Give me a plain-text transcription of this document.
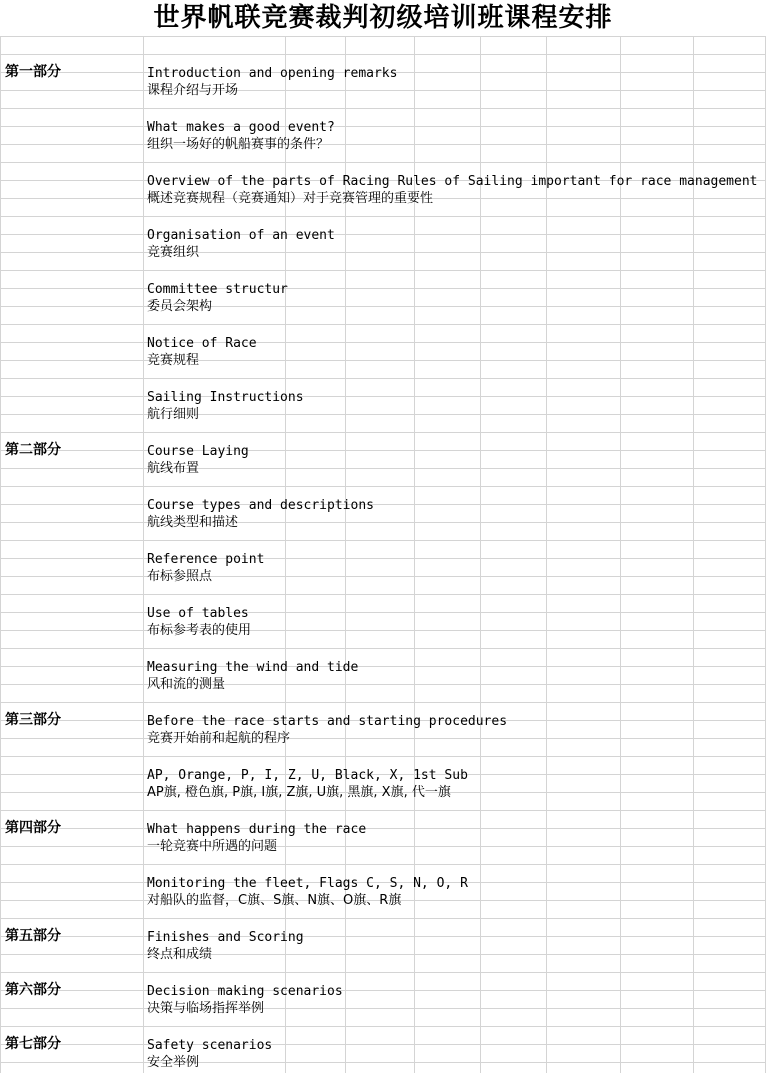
世界帆联竞赛裁判初级培训班课程安排
第一部分
第二部分
第三部分
第四部分
第五部分
第六部分
第七部分
Introduction and opening remarks
课程介绍与开场
What makes a good event?
组织一场好的帆船赛事的条件？
Overview of the parts of Racing Rules of Sailing important for race management
概述竞赛规程（竞赛通知）对于竞赛管理的重要性
Organisation of an event
竞赛组织
Committee structur
委员会架构
Notice of Race
竞赛规程
Sailing Instructions
航行细则
Course Laying
航线布置
Course types and descriptions
航线类型和描述
Reference point
布标参照点
Use of tables
布标参考表的使用
Measuring the wind and tide
风和流的测量
Before the race starts and starting procedures
竞赛开始前和起航的程序
AP, Orange, P, I, Z, U, Black, X, 1st Sub
AP旗, 橙色旗, P旗, I旗, Z旗, U旗, 黑旗, X旗, 代一旗
What happens during the race
一轮竞赛中所遇的问题
Monitoring the fleet, Flags C, S, N, O, R
对船队的监督，C旗、S旗、N旗、O旗、R旗
Finishes and Scoring
终点和成绩
Decision making scenarios
决策与临场指挥举例
Safety scenarios
安全举例
